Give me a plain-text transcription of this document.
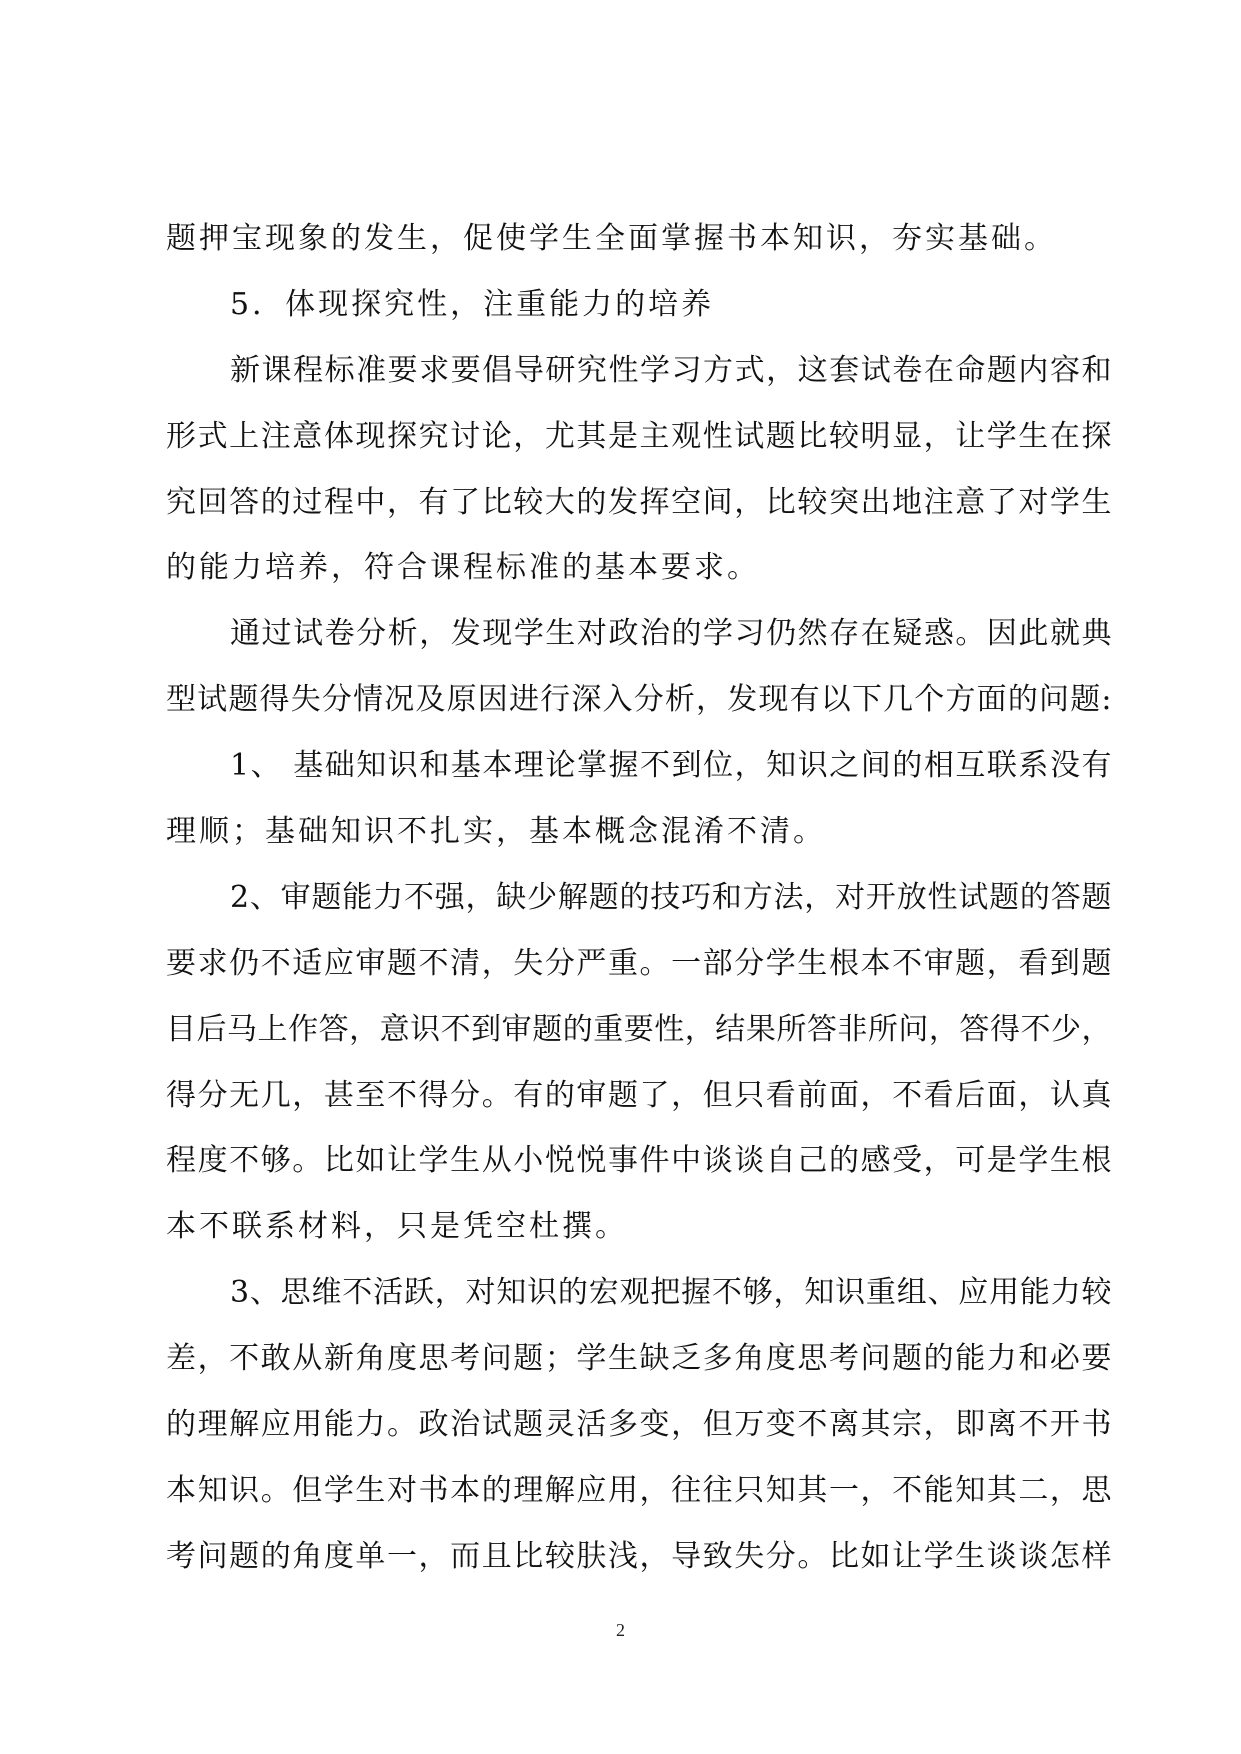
题押宝现象的发生，促使学生全面掌握书本知识，夯实基础。
5．体现探究性，注重能力的培养
新课程标准要求要倡导研究性学习方式，这套试卷在命题内容和
形式上注意体现探究讨论，尤其是主观性试题比较明显，让学生在探
究回答的过程中，有了比较大的发挥空间，比较突出地注意了对学生
的能力培养，符合课程标准的基本要求。
通过试卷分析，发现学生对政治的学习仍然存在疑惑。因此就典
型试题得失分情况及原因进行深入分析，发现有以下几个方面的问题:
1、 基础知识和基本理论掌握不到位，知识之间的相互联系没有
理顺；基础知识不扎实，基本概念混淆不清。
2、审题能力不强，缺少解题的技巧和方法，对开放性试题的答题
要求仍不适应审题不清，失分严重。一部分学生根本不审题，看到题
目后马上作答，意识不到审题的重要性，结果所答非所问，答得不少，
得分无几，甚至不得分。有的审题了，但只看前面，不看后面，认真
程度不够。比如让学生从小悦悦事件中谈谈自己的感受，可是学生根
本不联系材料，只是凭空杜撰。
3、思维不活跃，对知识的宏观把握不够，知识重组、应用能力较
差，不敢从新角度思考问题；学生缺乏多角度思考问题的能力和必要
的理解应用能力。政治试题灵活多变，但万变不离其宗，即离不开书
本知识。但学生对书本的理解应用，往往只知其一，不能知其二，思
考问题的角度单一，而且比较肤浅，导致失分。比如让学生谈谈怎样
2
